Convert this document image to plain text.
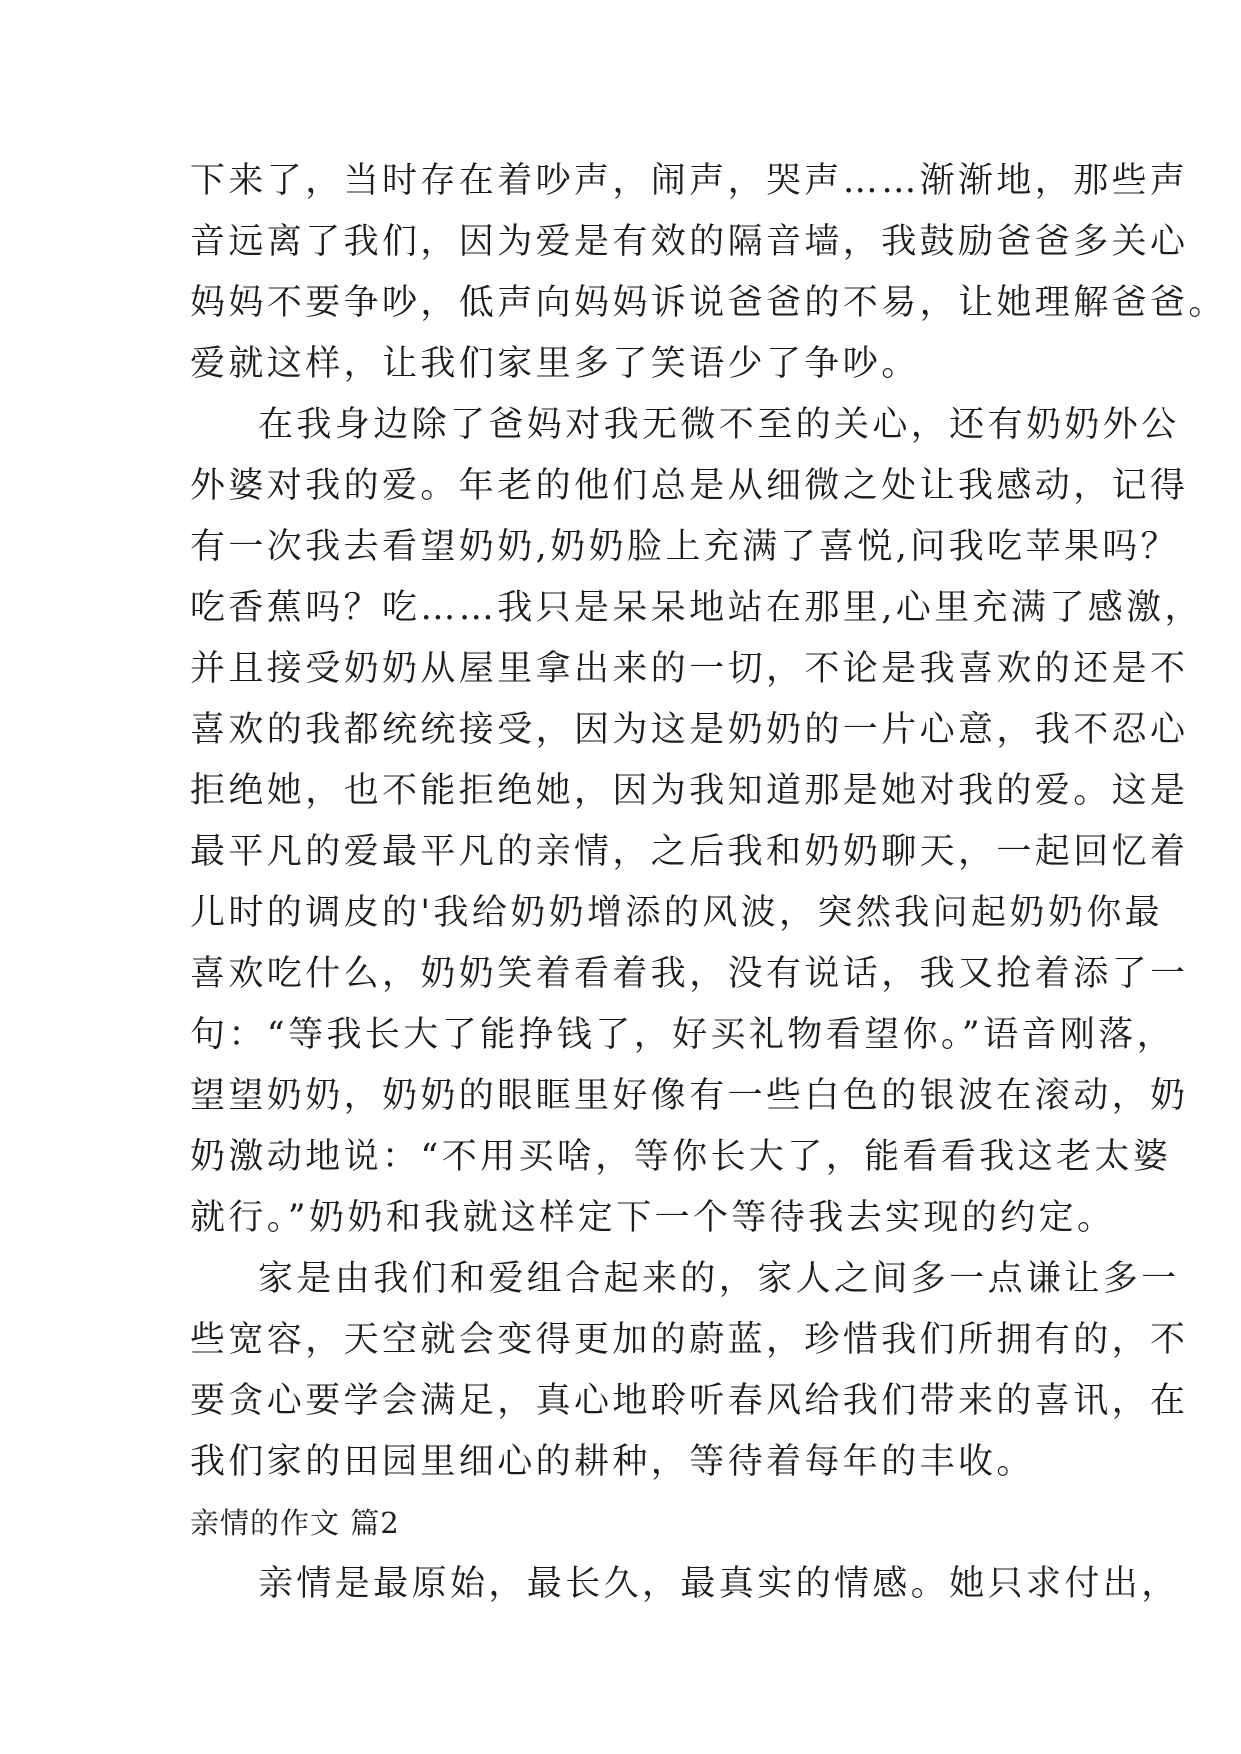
下来了，当时存在着吵声，闹声，哭声……渐渐地，那些声
音远离了我们，因为爱是有效的隔音墙，我鼓励爸爸多关心
妈妈不要争吵，低声向妈妈诉说爸爸的不易，让她理解爸爸。
爱就这样，让我们家里多了笑语少了争吵。
在我身边除了爸妈对我无微不至的关心，还有奶奶外公
外婆对我的爱。年老的他们总是从细微之处让我感动，记得
有一次我去看望奶奶,奶奶脸上充满了喜悦,问我吃苹果吗？
吃香蕉吗？吃……我只是呆呆地站在那里,心里充满了感激，
并且接受奶奶从屋里拿出来的一切，不论是我喜欢的还是不
喜欢的我都统统接受，因为这是奶奶的一片心意，我不忍心
拒绝她，也不能拒绝她，因为我知道那是她对我的爱。这是
最平凡的爱最平凡的亲情，之后我和奶奶聊天，一起回忆着
儿时的调皮的'我给奶奶增添的风波，突然我问起奶奶你最
喜欢吃什么，奶奶笑着看着我，没有说话，我又抢着添了一
句：“等我长大了能挣钱了，好买礼物看望你。”语音刚落，
望望奶奶，奶奶的眼眶里好像有一些白色的银波在滚动，奶
奶激动地说：“不用买啥，等你长大了，能看看我这老太婆
就行。”奶奶和我就这样定下一个等待我去实现的约定。
家是由我们和爱组合起来的，家人之间多一点谦让多一
些宽容，天空就会变得更加的蔚蓝，珍惜我们所拥有的，不
要贪心要学会满足，真心地聆听春风给我们带来的喜讯，在
我们家的田园里细心的耕种，等待着每年的丰收。
亲情的作文 篇2
亲情是最原始，最长久，最真实的情感。她只求付出，
